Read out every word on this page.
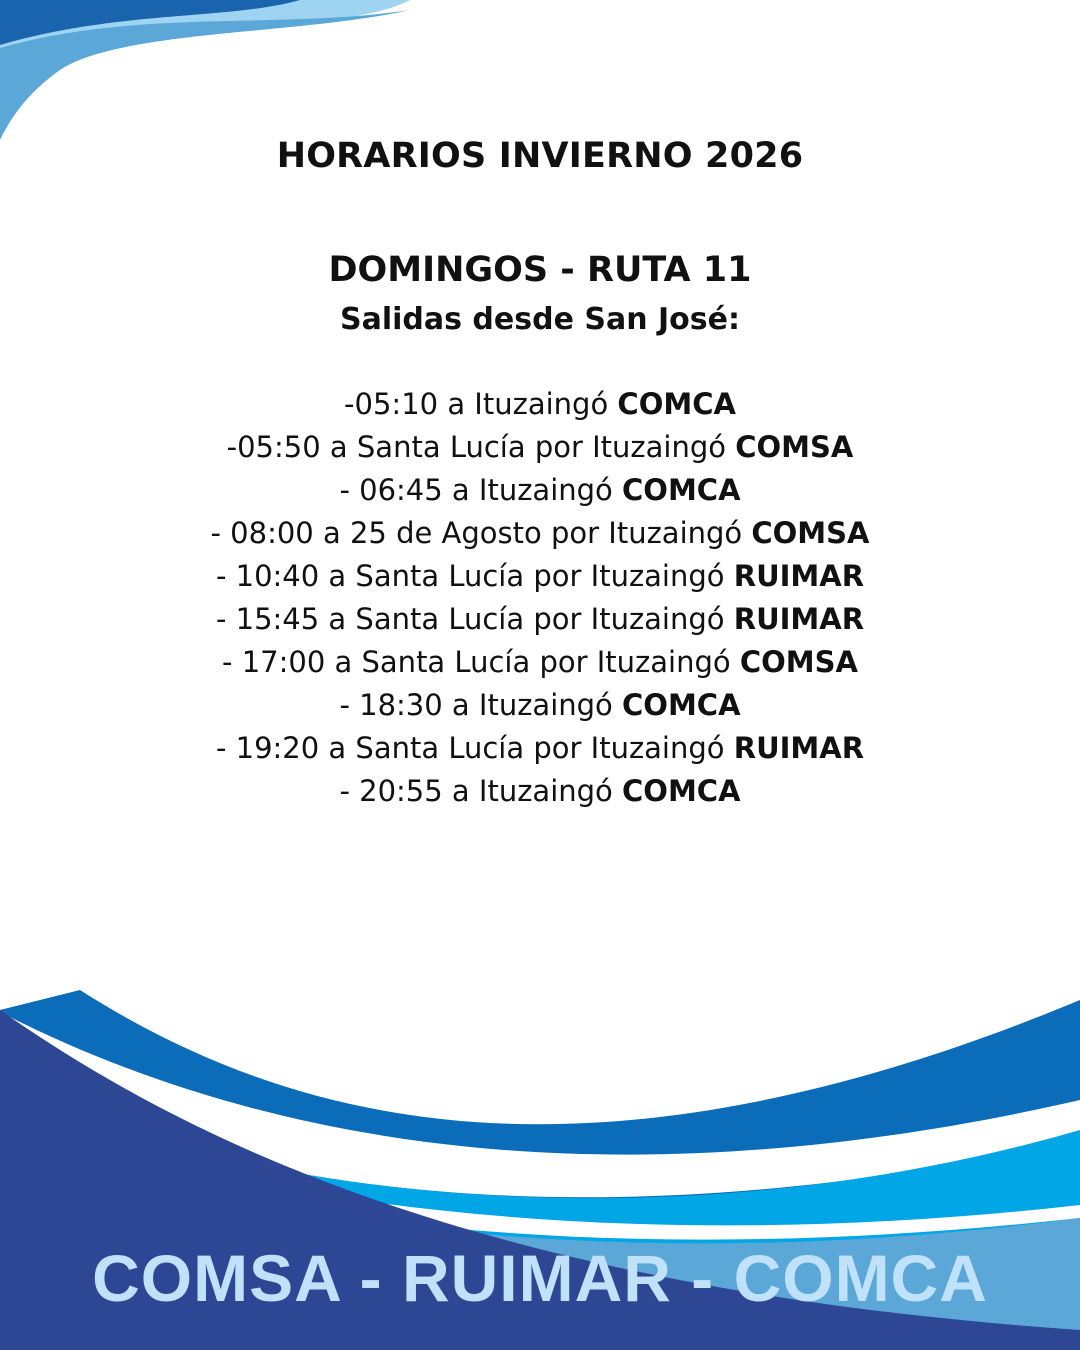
HORARIOS INVIERNO 2026
DOMINGOS - RUTA 11
Salidas desde San José:
-05:10 a Ituzaingó COMCA
-05:50 a Santa Lucía por Ituzaingó COMSA
- 06:45 a Ituzaingó COMCA
- 08:00 a 25 de Agosto por Ituzaingó COMSA
- 10:40 a Santa Lucía por Ituzaingó RUIMAR
- 15:45 a Santa Lucía por Ituzaingó RUIMAR
- 17:00 a Santa Lucía por Ituzaingó COMSA
- 18:30 a Ituzaingó COMCA
- 19:20 a Santa Lucía por Ituzaingó RUIMAR
- 20:55 a Ituzaingó COMCA

COMSA - RUIMAR - COMCA
